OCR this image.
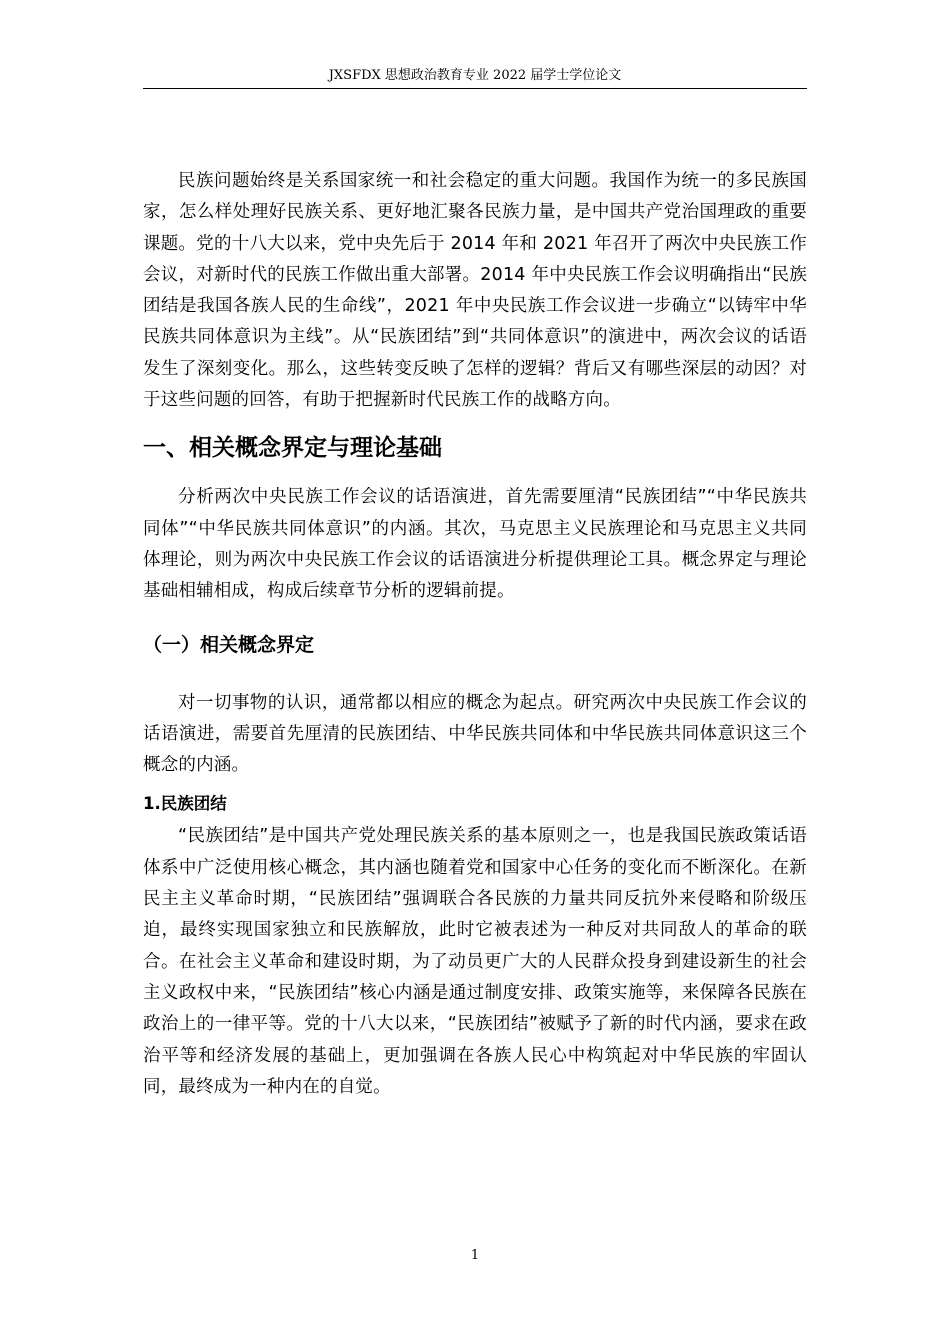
JXSFDX 思想政治教育专业 2022 届学士学位论文

民族问题始终是关系国家统一和社会稳定的重大问题。我国作为统一的多民族国家，怎么样处理好民族关系、更好地汇聚各民族力量，是中国共产党治国理政的重要课题。党的十八大以来，党中央先后于 2014 年和 2021 年召开了两次中央民族工作会议，对新时代的民族工作做出重大部署。2014 年中央民族工作会议明确指出“民族团结是我国各族人民的生命线”，2021 年中央民族工作会议进一步确立“以铸牢中华民族共同体意识为主线”。从“民族团结”到“共同体意识”的演进中，两次会议的话语发生了深刻变化。那么，这些转变反映了怎样的逻辑？背后又有哪些深层的动因？对于这些问题的回答，有助于把握新时代民族工作的战略方向。

一、相关概念界定与理论基础

分析两次中央民族工作会议的话语演进，首先需要厘清“民族团结”“中华民族共同体”“中华民族共同体意识”的内涵。其次，马克思主义民族理论和马克思主义共同体理论，则为两次中央民族工作会议的话语演进分析提供理论工具。概念界定与理论基础相辅相成，构成后续章节分析的逻辑前提。

（一）相关概念界定

对一切事物的认识，通常都以相应的概念为起点。研究两次中央民族工作会议的话语演进，需要首先厘清的民族团结、中华民族共同体和中华民族共同体意识这三个概念的内涵。

1.民族团结

“民族团结”是中国共产党处理民族关系的基本原则之一，也是我国民族政策话语体系中广泛使用核心概念，其内涵也随着党和国家中心任务的变化而不断深化。在新民主主义革命时期，“民族团结”强调联合各民族的力量共同反抗外来侵略和阶级压迫，最终实现国家独立和民族解放，此时它被表述为一种反对共同敌人的革命的联合。在社会主义革命和建设时期，为了动员更广大的人民群众投身到建设新生的社会主义政权中来，“民族团结”核心内涵是通过制度安排、政策实施等，来保障各民族在政治上的一律平等。党的十八大以来，“民族团结”被赋予了新的时代内涵，要求在政治平等和经济发展的基础上，更加强调在各族人民心中构筑起对中华民族的牢固认同，最终成为一种内在的自觉。

1
